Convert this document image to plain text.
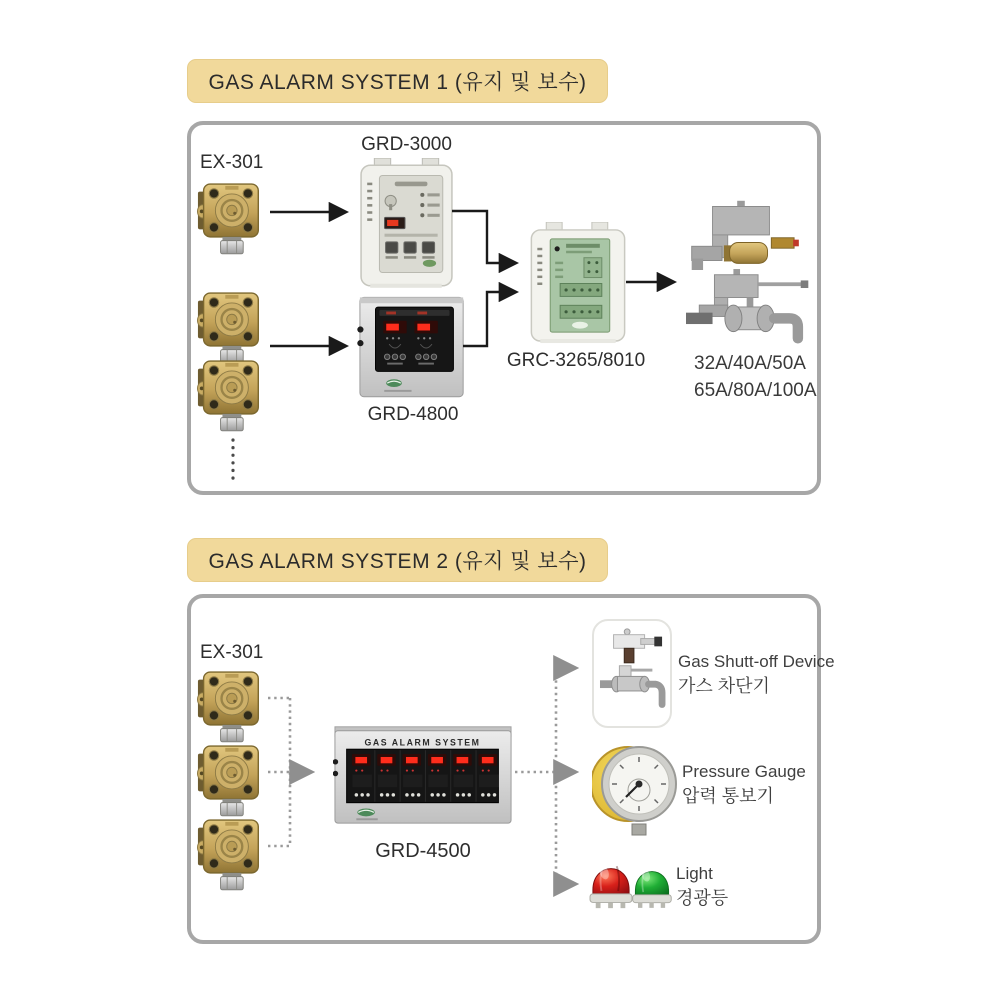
GAS ALARM SYSTEM 1 (유지 및 보수)
EX-301
GRD-3000
GRD-4800
GRC-3265/8010	32A/40A/50A
65A/80A/100A
GAS ALARM SYSTEM 2 (유지 및 보수)
EX-301
GAS ALARM SYSTEM
GRD-4500
Gas Shutt-off Device
가스 차단기
Pressure Gauge
압력 통보기
Light
경광등
